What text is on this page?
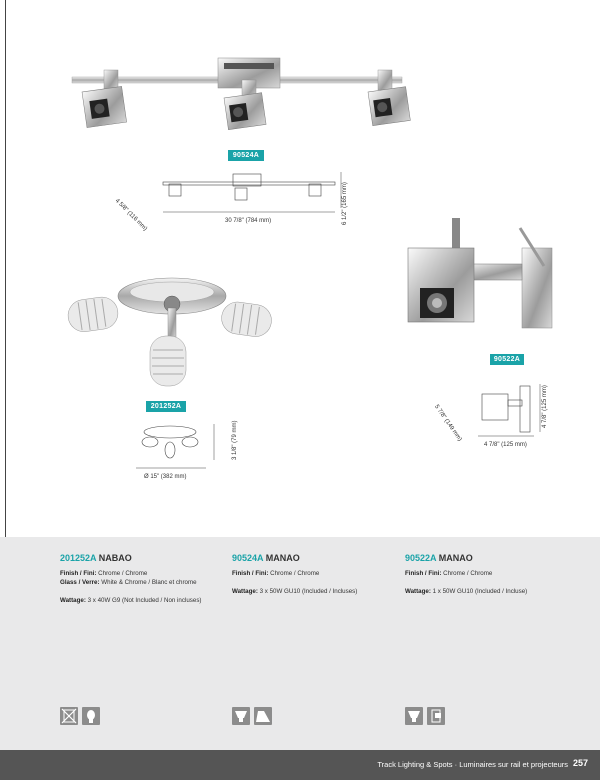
90524A
4 5/8" (116 mm)	30 7/8" (784 mm)	6 1/2" (165 mm)
90522A
5 7/8" (149 mm)
4 7/8" (125 mm)
4 7/8" (125 mm)
201252A
Ø 15" (382 mm)
3 1/8" (79 mm)
201252A NABAO
Finish / Fini: Chrome / Chrome
Glass / Verre: White & Chrome / Blanc et chrome
Wattage: 3 x 40W G9 (Not Included / Non incluses)
90524A MANAO
Finish / Fini: Chrome / Chrome
Wattage: 3 x 50W GU10 (Included / Incluses)
90522A MANAO
Finish / Fini: Chrome / Chrome
Wattage: 1 x 50W GU10 (Included / Incluse)
Track Lighting & Spots · Luminaires sur rail et projecteurs 257
